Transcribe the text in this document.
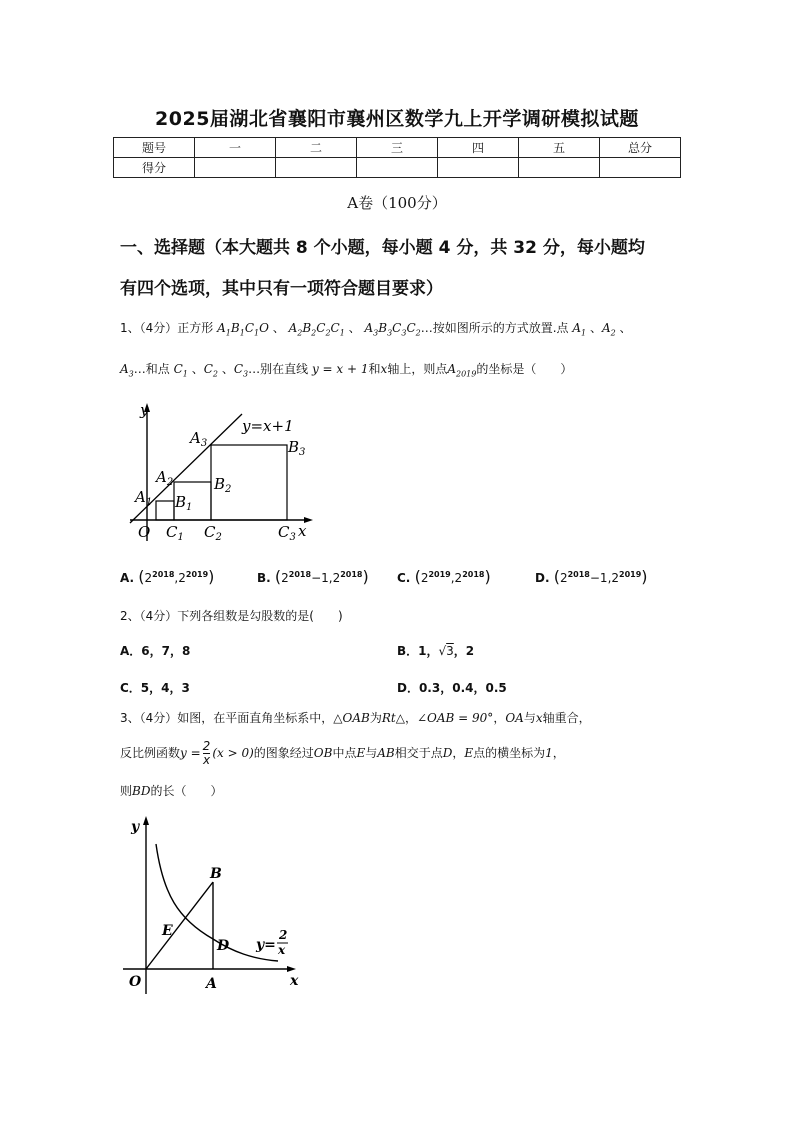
2025届湖北省襄阳市襄州区数学九上开学调研模拟试题
题号	一	二	三	四	五	总分
得分						
A卷（100分）
一、选择题（本大题共 8 个小题，每小题 4 分，共 32 分，每小题均
有四个选项，其中只有一项符合题目要求）
1、（4分）正方形 $A_1B_1C_1O$ 、 $A_2B_2C_2C_1$ 、 $A_3B_3C_3C_2\dots$按如图所示的方式放置.点 $A_1$ 、$A_2$ 、
$A_3\dots$和点 $C_1$ 、$C_2$ 、$C_3\dots$别在直线 y = x + 1和x轴上，则点$A_{2019}$的坐标是（　　）
y
x
y=x+1
O
$A_1$
$A_2$
$A_3$
$B_1$
$B_2$
$B_3$
$C_1$ $C_2$	$C_3$
A. $(2^{2018},2^{2019})$	B. $(2^{2018}-1,2^{2018})$ C. $(2^{2019},2^{2018})$	D. $(2^{2018}-1,2^{2019})$
2、（4分）下列各组数是勾股数的是(　　)
A．6，7，8	B．1，√3，2
C．5，4，3	D．0.3，0.4，0.5
3、（4分）如图，在平面直角坐标系中，△OAB为Rt△，∠OAB = 90°，OA与x轴重合，
反比例函数$y = \frac{2}{x} (x > 0)$的图象经过OB中点E与AB相交于点D，E点的横坐标为1，
则BD的长（　　）
y
x
O	A
B
D
E
y=
2
x
